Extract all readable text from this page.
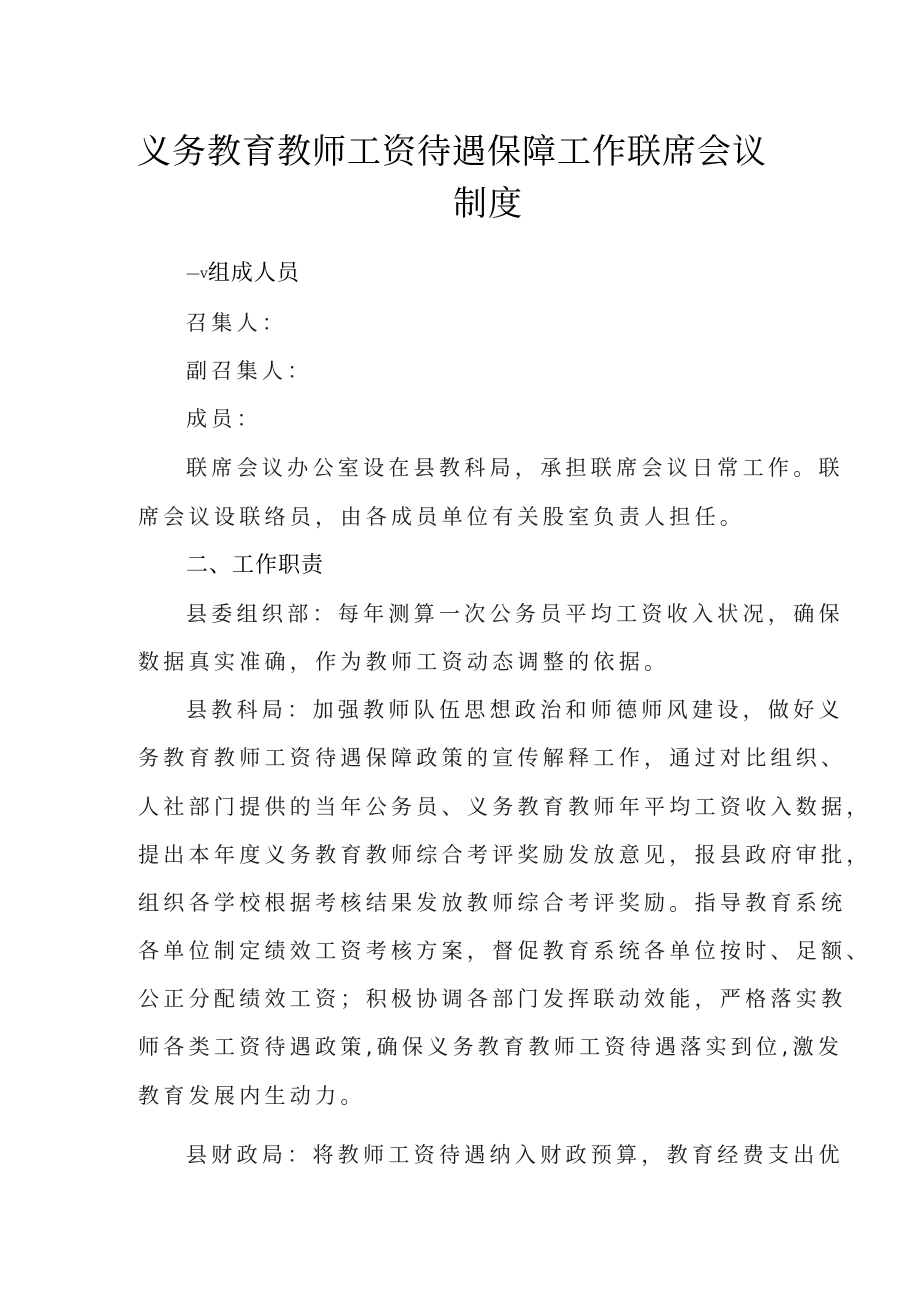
义务教育教师工资待遇保障工作联席会议
制度
—v组成人员
召集人：
副召集人：
成员：
联席会议办公室设在县教科局，承担联席会议日常工作。联
席会议设联络员，由各成员单位有关股室负责人担任。
二、工作职责
县委组织部：每年测算一次公务员平均工资收入状况，确保
数据真实准确，作为教师工资动态调整的依据。
县教科局：加强教师队伍思想政治和师德师风建设，做好义
务教育教师工资待遇保障政策的宣传解释工作，通过对比组织、
人社部门提供的当年公务员、义务教育教师年平均工资收入数据，
提出本年度义务教育教师综合考评奖励发放意见，报县政府审批，
组织各学校根据考核结果发放教师综合考评奖励。指导教育系统
各单位制定绩效工资考核方案，督促教育系统各单位按时、足额、
公正分配绩效工资；积极协调各部门发挥联动效能，严格落实教
师各类工资待遇政策,确保义务教育教师工资待遇落实到位,激发
教育发展内生动力。
县财政局：将教师工资待遇纳入财政预算，教育经费支出优
